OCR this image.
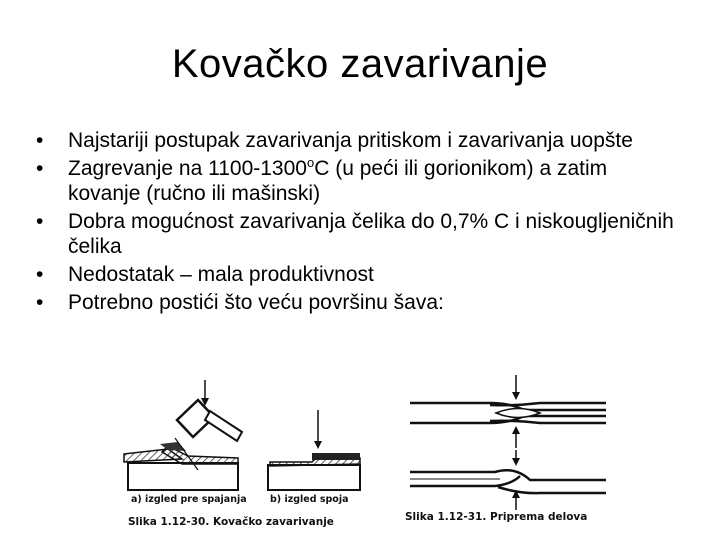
Kovačko zavarivanje
• Najstariji postupak zavarivanja pritiskom i zavarivanja uopšte
• Zagrevanje na 1100-1300$^o$C (u peći ili gorionikom) a zatim kovanje (ručno ili mašinski)
• Dobra mogućnost zavarivanja čelika do 0,7% C i niskougljeničnih čelika
• Nedostatak – mala produktivnost
• Potrebno postići što veću površinu šava:
a) izgled pre spajanja b) izgled spoja
Slika 1.12-30. Kovačko zavarivanje	Slika 1.12-31. Priprema delova
